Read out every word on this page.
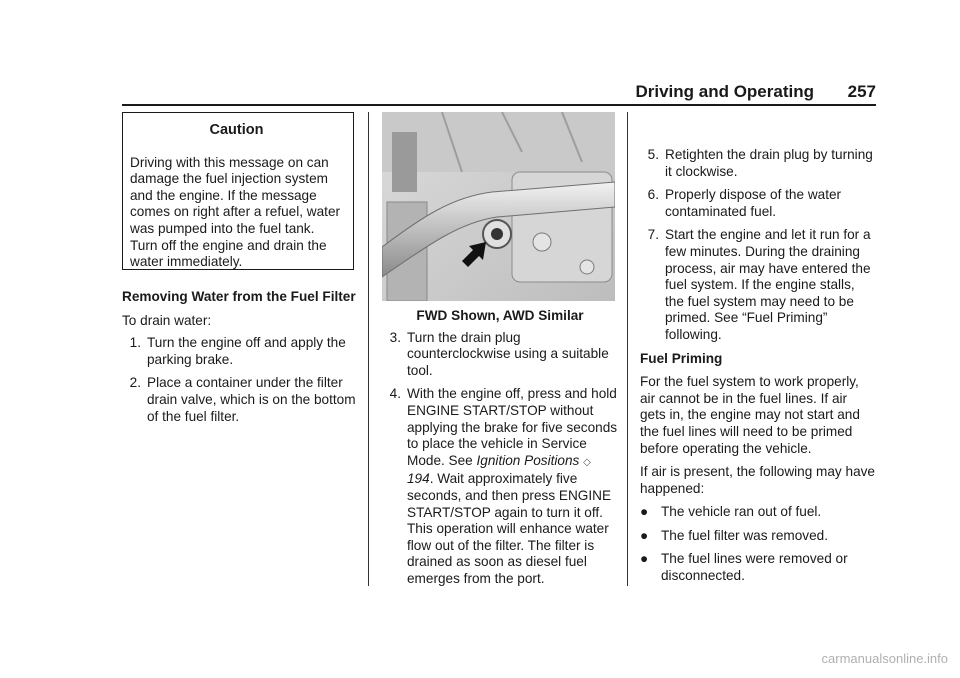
Driving and Operating 257
Caution

Driving with this message on can damage the fuel injection system and the engine. If the message comes on right after a refuel, water was pumped into the fuel tank. Turn off the engine and drain the water immediately.

Removing Water from the Fuel Filter

To drain water:

1. Turn the engine off and apply the parking brake.
2. Place a container under the filter drain valve, which is on the bottom of the fuel filter.
FWD Shown, AWD Similar
3. Turn the drain plug counterclockwise using a suitable tool.
4. With the engine off, press and hold ENGINE START/STOP without applying the brake for five seconds to place the vehicle in Service Mode. See Ignition Positions ◇ 194. Wait approximately five seconds, and then press ENGINE START/STOP again to turn it off. This operation will enhance water flow out of the filter. The filter is drained as soon as diesel fuel emerges from the port.
5. Retighten the drain plug by turning it clockwise.
6. Properly dispose of the water contaminated fuel.
7. Start the engine and let it run for a few minutes. During the draining process, air may have entered the fuel system. If the engine stalls, the fuel system may need to be primed. See “Fuel Priming” following.

Fuel Priming

For the fuel system to work properly, air cannot be in the fuel lines. If air gets in, the engine may not start and the fuel lines will need to be primed before operating the vehicle.

If air is present, the following may have happened:

● The vehicle ran out of fuel.
● The fuel filter was removed.
● The fuel lines were removed or disconnected.
carmanualsonline.info
